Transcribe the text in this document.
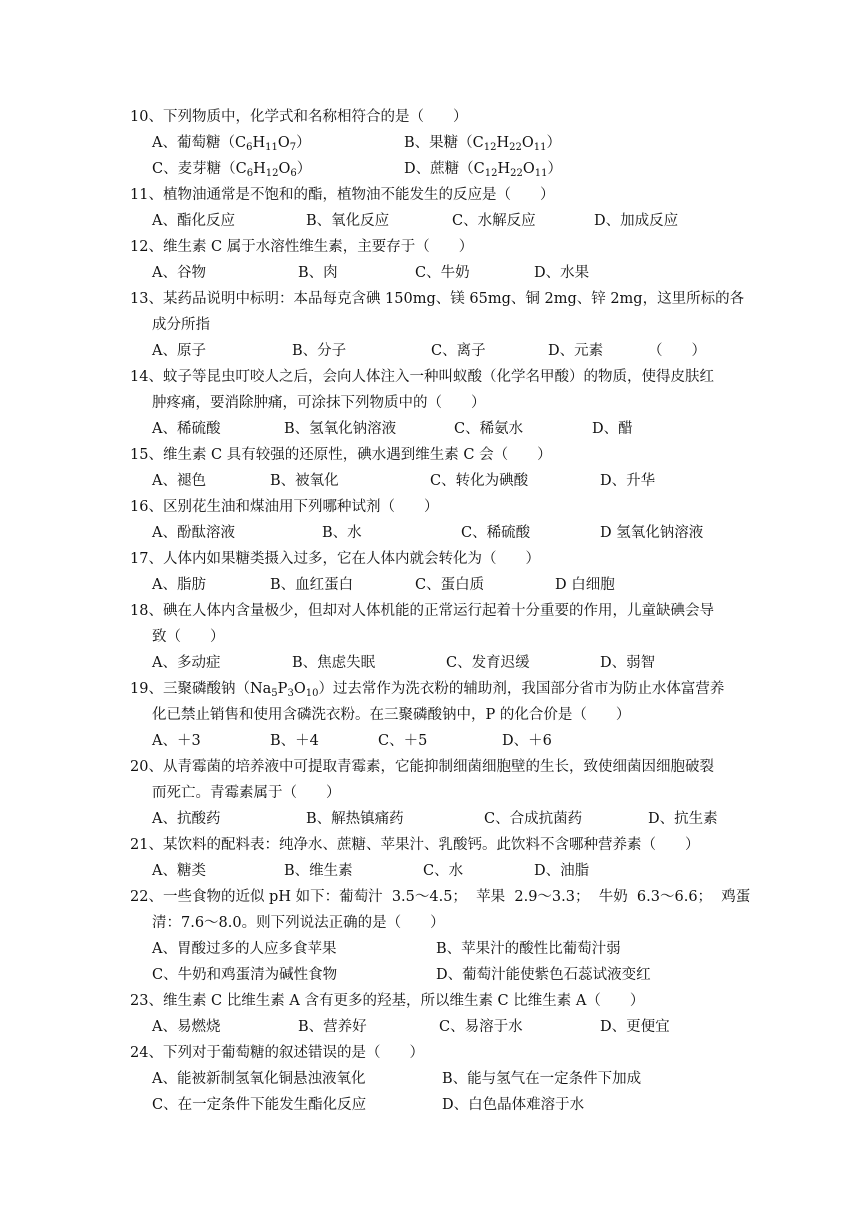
10、下列物质中，化学式和名称相符合的是（　　）
A、葡萄糖$(C_6H_{11}O_7)$	B、果糖$(C_{12}H_{22}O_{11})$
C、麦芽糖$(C_6H_{12}O_6)$	D、蔗糖$(C_{12}H_{22}O_{11})$
11、植物油通常是不饱和的酯，植物油不能发生的反应是（　　）
A、酯化反应	B、氧化反应	C、水解反应	D、加成反应
12、维生素 C 属于水溶性维生素，主要存于（　　）
A、谷物	B、肉	C、牛奶	D、水果
13、某药品说明中标明：本品每克含碘 150mg、镁 65mg、铜 2mg、锌 2mg，这里所标的各
成分所指
A、原子	B、分子	C、离子	D、元素	（　　）
14、蚊子等昆虫叮咬人之后，会向人体注入一种叫蚁酸（化学名甲酸）的物质，使得皮肤红
肿疼痛，要消除肿痛，可涂抹下列物质中的（　　）
A、稀硫酸	B、氢氧化钠溶液	C、稀氨水	D、醋
15、维生素 C 具有较强的还原性，碘水遇到维生素 C 会（　　）
A、褪色	B、被氧化	C、转化为碘酸	D、升华
16、区别花生油和煤油用下列哪种试剂（　　）
A、酚酞溶液	B、水	C、稀硫酸	D 氢氧化钠溶液
17、人体内如果糖类摄入过多，它在人体内就会转化为（　　）
A、脂肪	B、血红蛋白	C、蛋白质	D 白细胞
18、碘在人体内含量极少，但却对人体机能的正常运行起着十分重要的作用，儿童缺碘会导
致（　　）
A、多动症	B、焦虑失眠	C、发育迟缓	D、弱智
19、三聚磷酸钠$(Na_5P_3O_{10})$过去常作为洗衣粉的辅助剂，我国部分省市为防止水体富营养
化已禁止销售和使用含磷洗衣粉。在三聚磷酸钠中，P 的化合价是（　　）
A、＋3	B、＋4	C、＋5	D、＋6
20、从青霉菌的培养液中可提取青霉素，它能抑制细菌细胞壁的生长，致使细菌因细胞破裂
而死亡。青霉素属于（　　）
A、抗酸药	B、解热镇痛药	C、合成抗菌药	D、抗生素
21、某饮料的配料表：纯净水、蔗糖、苹果汁、乳酸钙。此饮料不含哪种营养素（　　）
A、糖类	B、维生素	C、水	D、油脂
22、一些食物的近似 pH 如下：葡萄汁  3.5～4.5；  苹果  2.9～3.3；  牛奶  6.3～6.6；  鸡蛋
清：7.6～8.0。则下列说法正确的是（　　）
A、胃酸过多的人应多食苹果	B、苹果汁的酸性比葡萄汁弱
C、牛奶和鸡蛋清为碱性食物	D、葡萄汁能使紫色石蕊试液变红
23、维生素 C 比维生素 A 含有更多的羟基，所以维生素 C 比维生素 A（　　）
A、易燃烧	B、营养好	C、易溶于水	D、更便宜
24、下列对于葡萄糖的叙述错误的是（　　）
A、能被新制氢氧化铜悬浊液氧化	B、能与氢气在一定条件下加成
C、在一定条件下能发生酯化反应	D、白色晶体难溶于水
